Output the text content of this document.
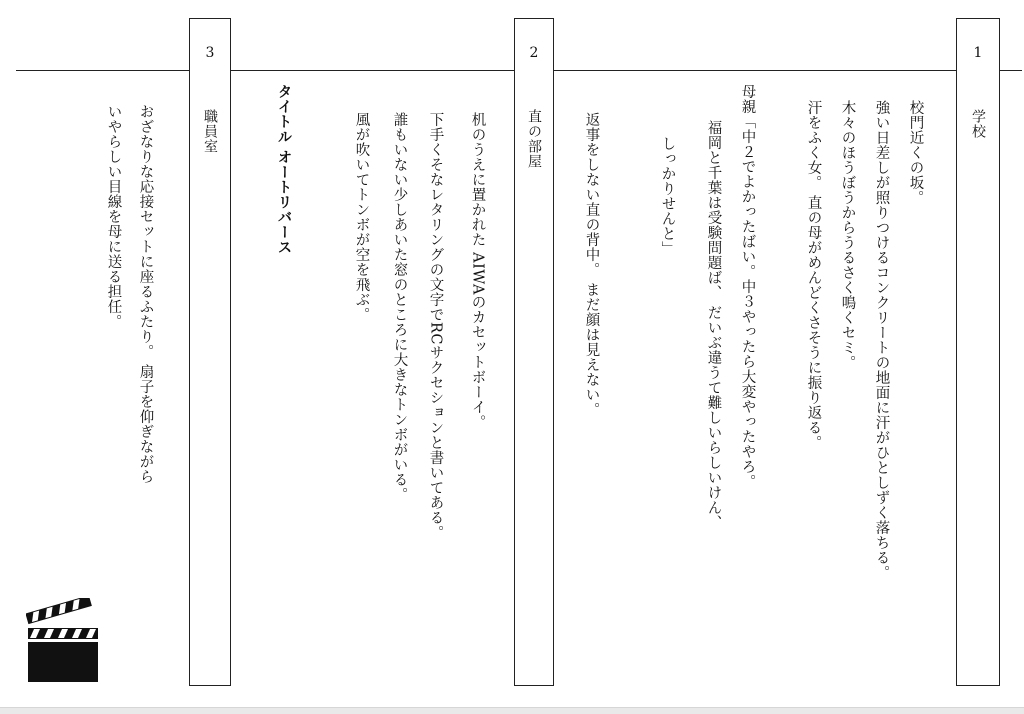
1
学校
校門近くの坂。
強い日差しが照りつけるコンクリートの地面に汗がひとしずく落ちる。
木々のほうぼうからうるさく鳴くセミ。
汗をふく女。 直の母がめんどくさそうに振り返る。
母親「中２でよかったばい。中３やったら大変やったやろ。
福岡と千葉は受験問題ば、 だいぶ違うて難しいらしいけん、
しっかりせんと」
2
直の部屋	返事をしない直の背中。 まだ顔は見えない。
机のうえに置かれた AIWAのカセットボーイ。
下手くそなレタリングの文字でRCサクセションと書いてある。
誰もいない少しあいた窓のところに大きなトンボがいる。
風が吹いてトンボが空を飛ぶ。
タイトル オートリバース
3
職員室
おざなりな応接セットに座るふたり。 扇子を仰ぎながら
いやらしい目線を母に送る担任。
